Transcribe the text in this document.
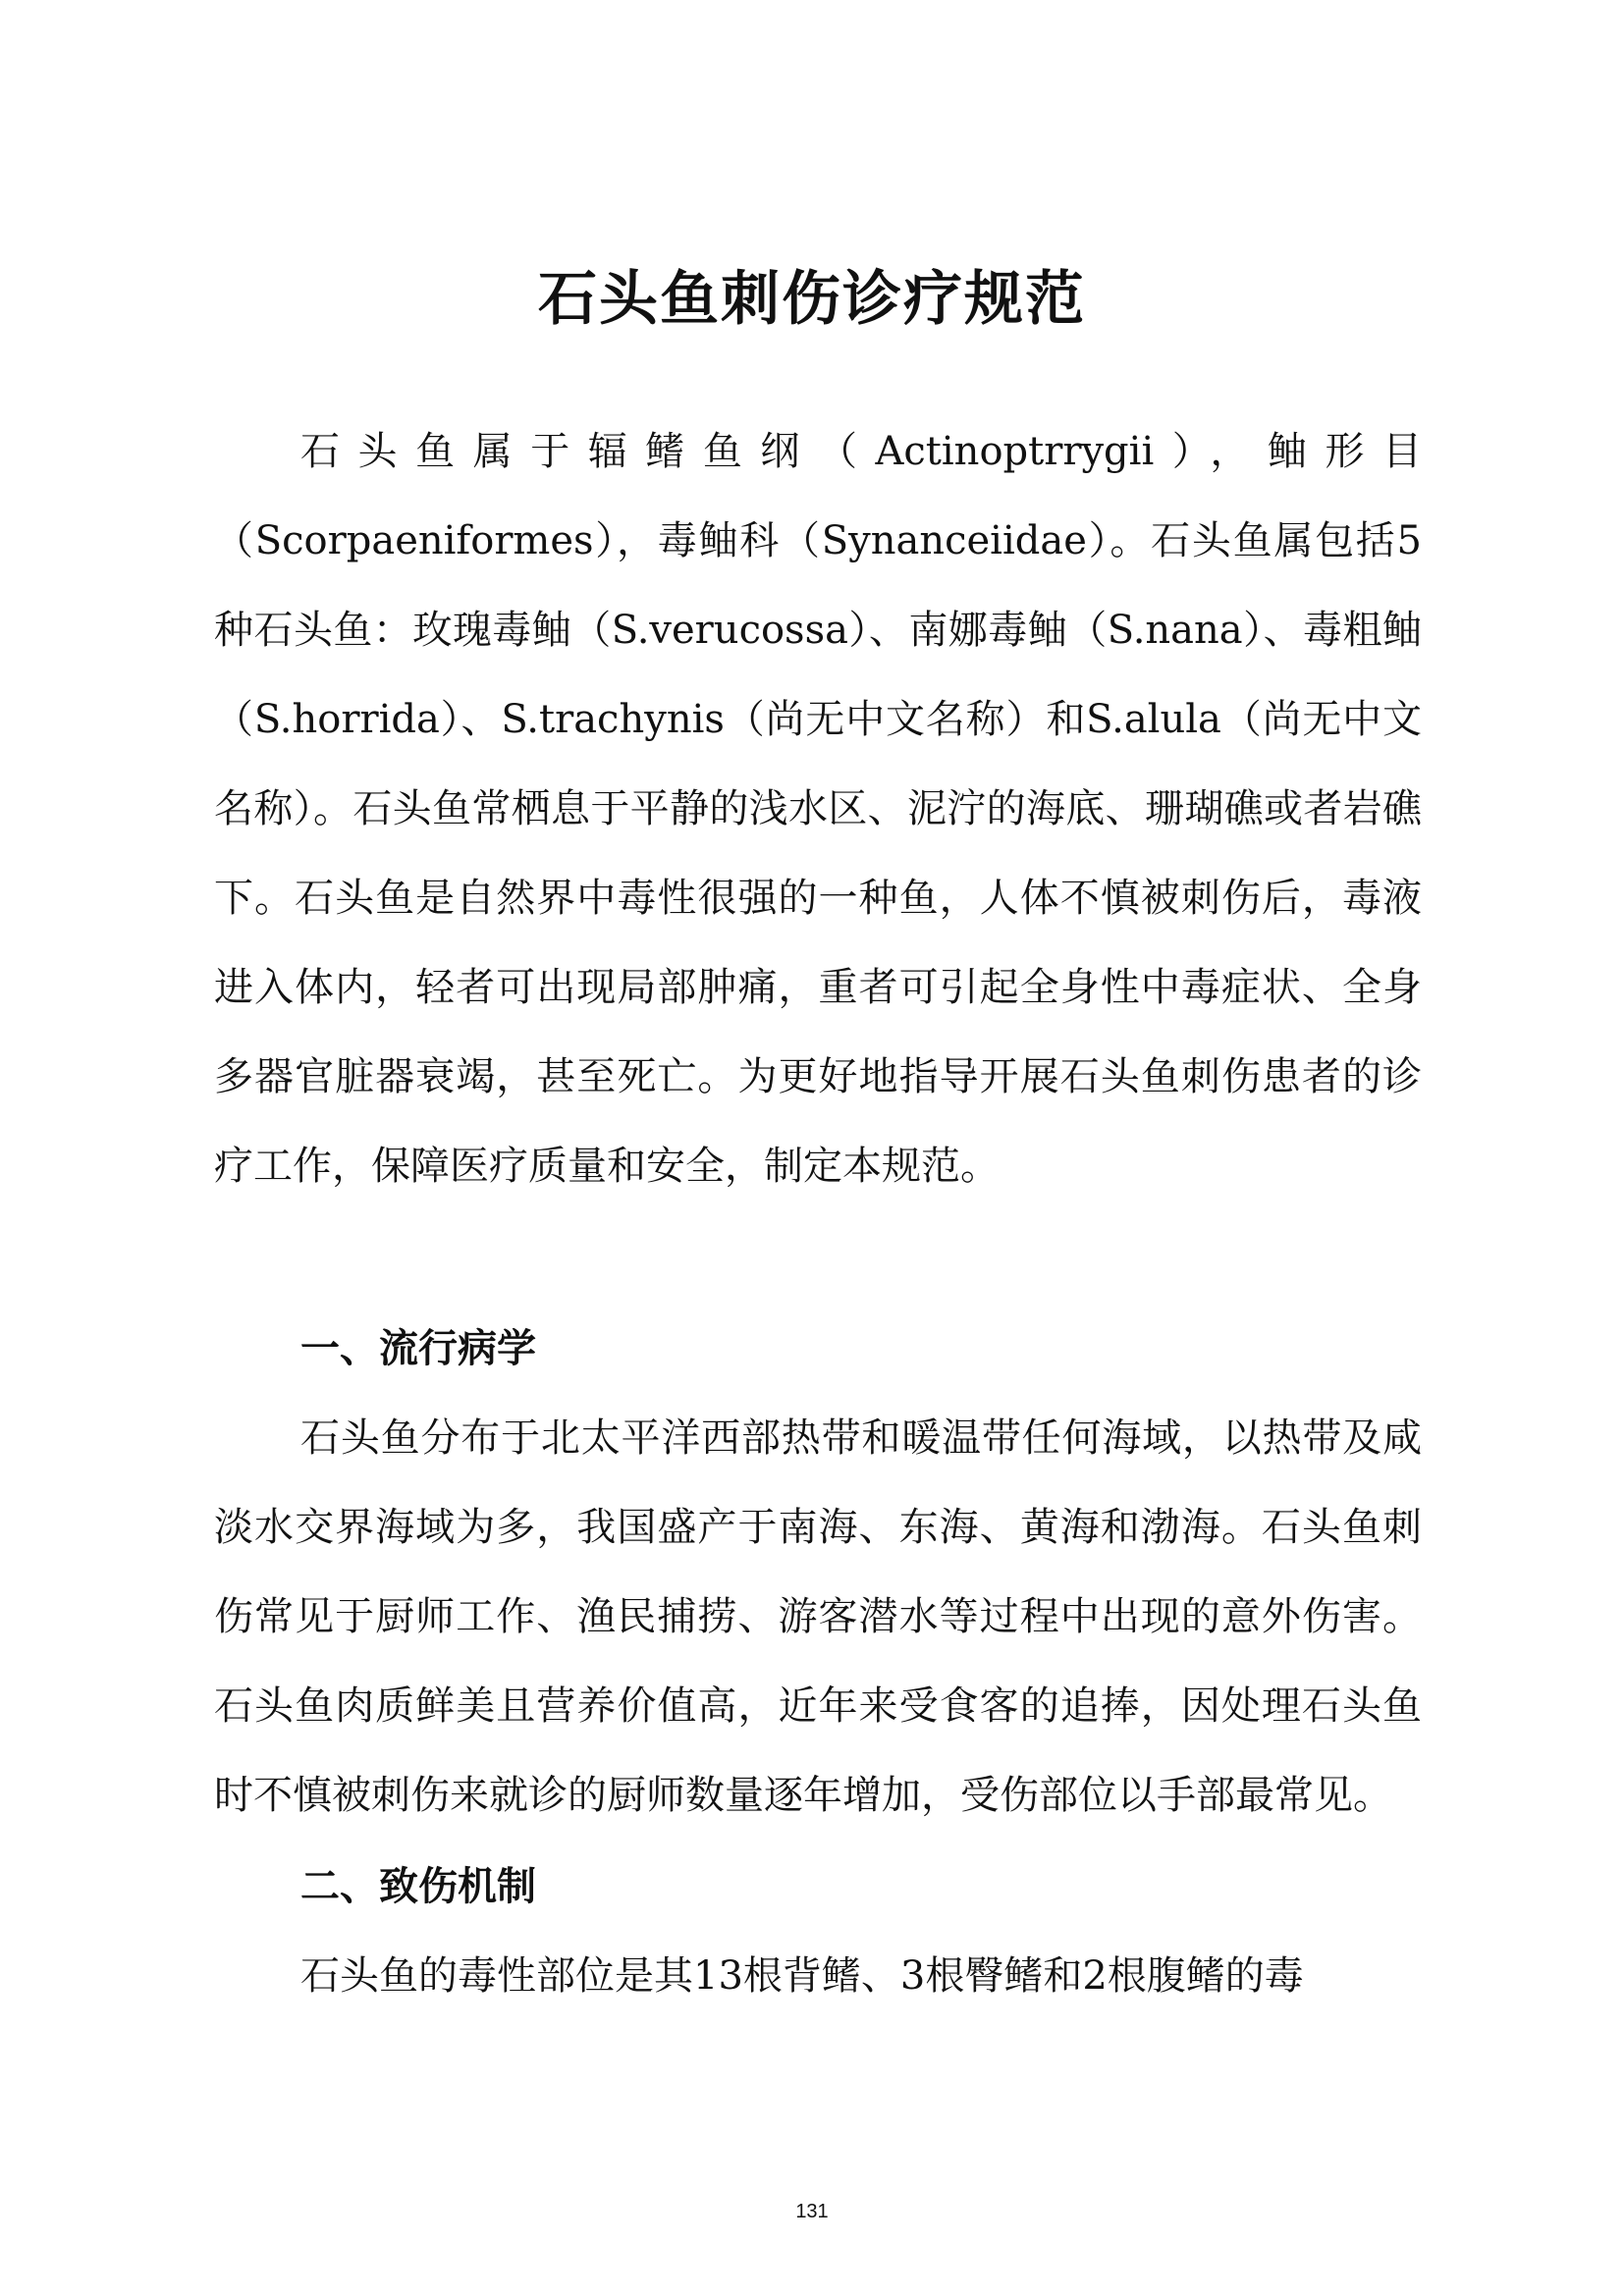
石头鱼刺伤诊疗规范

石头鱼属于辐鳍鱼纲（Actinoptrrygii），鲉形目（Scorpaeniformes），毒鲉科（Synanceiidae）。石头鱼属包括5种石头鱼：玫瑰毒鲉（S.verucossa）、南娜毒鲉（S.nana）、毒粗鲉（S.horrida）、S.trachynis（尚无中文名称）和S.alula（尚无中文名称）。石头鱼常栖息于平静的浅水区、泥泞的海底、珊瑚礁或者岩礁下。石头鱼是自然界中毒性很强的一种鱼，人体不慎被刺伤后，毒液进入体内，轻者可出现局部肿痛，重者可引起全身性中毒症状、全身多器官脏器衰竭，甚至死亡。为更好地指导开展石头鱼刺伤患者的诊疗工作，保障医疗质量和安全，制定本规范。

一、流行病学

石头鱼分布于北太平洋西部热带和暖温带任何海域，以热带及咸淡水交界海域为多，我国盛产于南海、东海、黄海和渤海。石头鱼刺伤常见于厨师工作、渔民捕捞、游客潜水等过程中出现的意外伤害。石头鱼肉质鲜美且营养价值高，近年来受食客的追捧，因处理石头鱼时不慎被刺伤来就诊的厨师数量逐年增加，受伤部位以手部最常见。

二、致伤机制

石头鱼的毒性部位是其13根背鳍、3根臀鳍和2根腹鳍的毒

131
